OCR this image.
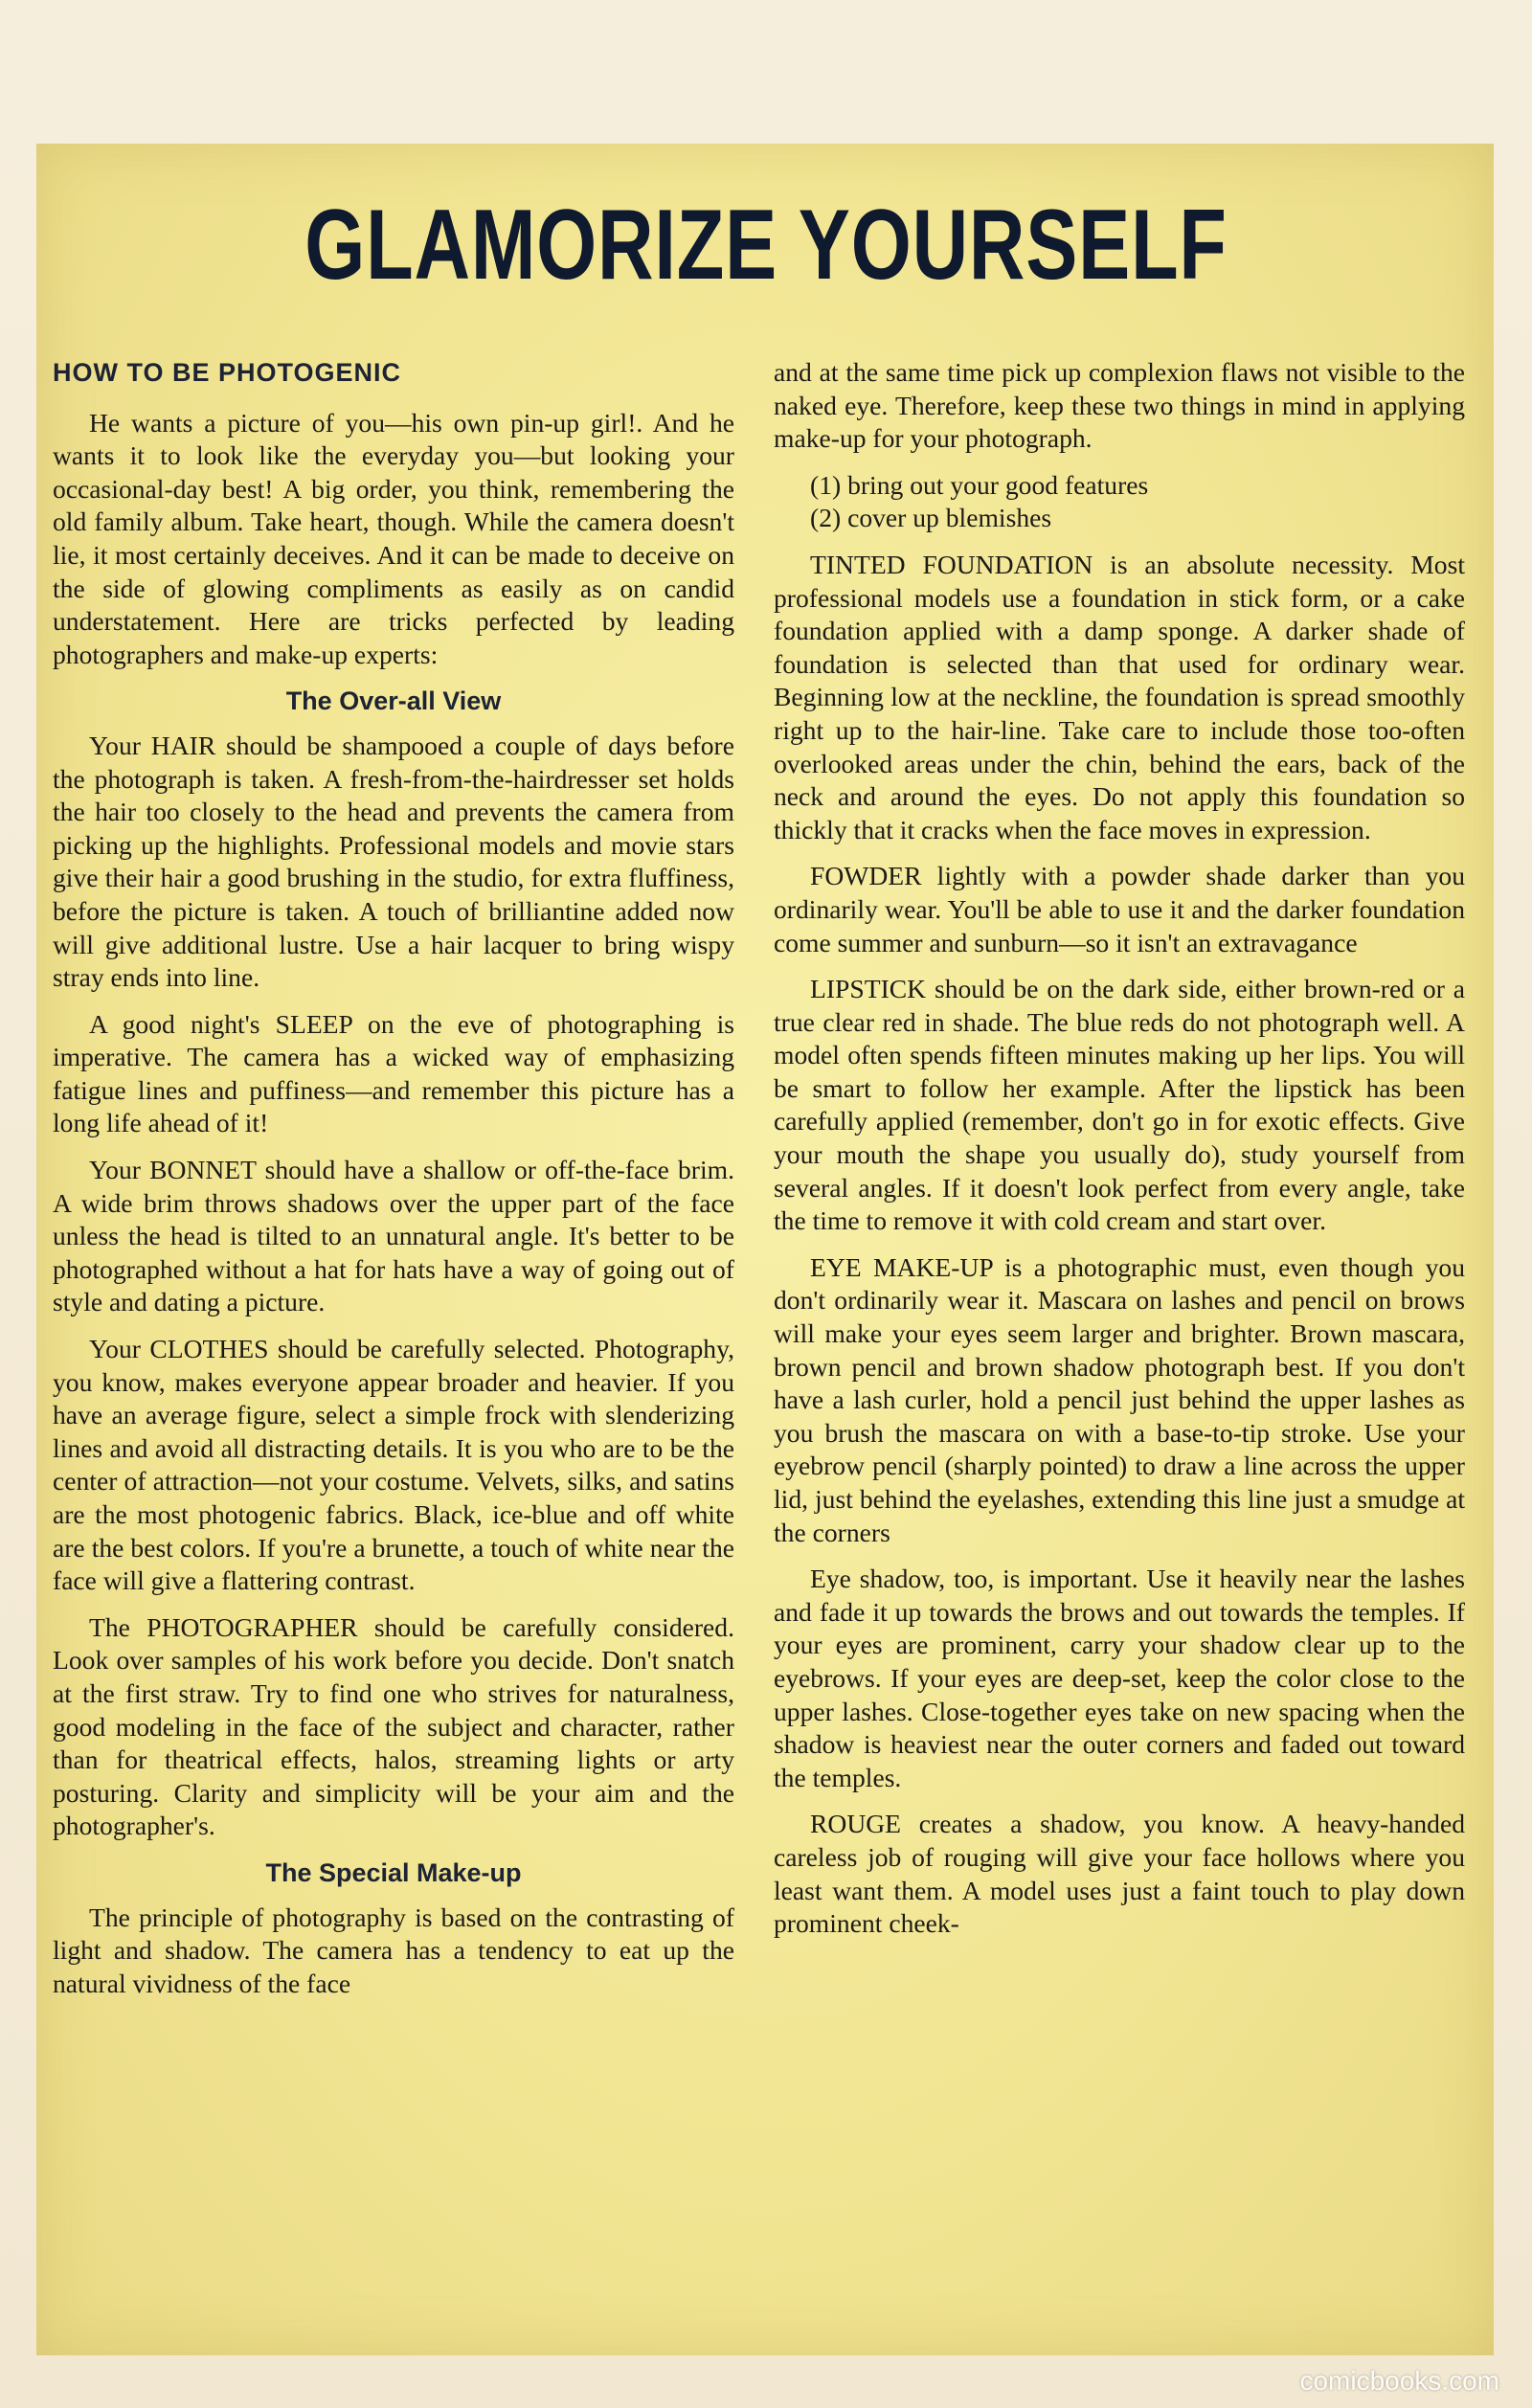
GLAMORIZE YOURSELF
HOW TO BE PHOTOGENIC

He wants a picture of you—his own pin-up girl!. And he wants it to look like the everyday you—but looking your occasional-day best! A big order, you think, remembering the old family album. Take heart, though. While the camera doesn't lie, it most certainly deceives. And it can be made to deceive on the side of glowing compliments as easily as on candid understatement. Here are tricks perfected by leading photographers and make-up experts:

The Over-all View

Your HAIR should be shampooed a couple of days before the photograph is taken. A fresh-from-the-hairdresser set holds the hair too closely to the head and prevents the camera from picking up the highlights. Professional models and movie stars give their hair a good brushing in the studio, for extra fluffiness, before the picture is taken. A touch of brilliantine added now will give additional lustre. Use a hair lacquer to bring wispy stray ends into line.

A good night's SLEEP on the eve of photographing is imperative. The camera has a wicked way of emphasizing fatigue lines and puffiness—and remember this picture has a long life ahead of it!

Your BONNET should have a shallow or off-the-face brim. A wide brim throws shadows over the upper part of the face unless the head is tilted to an unnatural angle. It's better to be photographed without a hat for hats have a way of going out of style and dating a picture.

Your CLOTHES should be carefully selected. Photography, you know, makes everyone appear broader and heavier. If you have an average figure, select a simple frock with slenderizing lines and avoid all distracting details. It is you who are to be the center of attraction—not your costume. Velvets, silks, and satins are the most photogenic fabrics. Black, ice-blue and off white are the best colors. If you're a brunette, a touch of white near the face will give a flattering contrast.

The PHOTOGRAPHER should be carefully considered. Look over samples of his work before you decide. Don't snatch at the first straw. Try to find one who strives for naturalness, good modeling in the face of the subject and character, rather than for theatrical effects, halos, streaming lights or arty posturing. Clarity and simplicity will be your aim and the photographer's.

The Special Make-up

The principle of photography is based on the contrasting of light and shadow. The camera has a tendency to eat up the natural vividness of the face

and at the same time pick up complexion flaws not visible to the naked eye. Therefore, keep these two things in mind in applying make-up for your photograph.

(1) bring out your good features
(2) cover up blemishes

TINTED FOUNDATION is an absolute necessity. Most professional models use a foundation in stick form, or a cake foundation applied with a damp sponge. A darker shade of foundation is selected than that used for ordinary wear. Beginning low at the neckline, the foundation is spread smoothly right up to the hair-line. Take care to include those too-often overlooked areas under the chin, behind the ears, back of the neck and around the eyes. Do not apply this foundation so thickly that it cracks when the face moves in expression.

FOWDER lightly with a powder shade darker than you ordinarily wear. You'll be able to use it and the darker foundation come summer and sunburn—so it isn't an extravagance

LIPSTICK should be on the dark side, either brown-red or a true clear red in shade. The blue reds do not photograph well. A model often spends fifteen minutes making up her lips. You will be smart to follow her example. After the lipstick has been carefully applied (remember, don't go in for exotic effects. Give your mouth the shape you usually do), study yourself from several angles. If it doesn't look perfect from every angle, take the time to remove it with cold cream and start over.

EYE MAKE-UP is a photographic must, even though you don't ordinarily wear it. Mascara on lashes and pencil on brows will make your eyes seem larger and brighter. Brown mascara, brown pencil and brown shadow photograph best. If you don't have a lash curler, hold a pencil just behind the upper lashes as you brush the mascara on with a base-to-tip stroke. Use your eyebrow pencil (sharply pointed) to draw a line across the upper lid, just behind the eyelashes, extending this line just a smudge at the corners

Eye shadow, too, is important. Use it heavily near the lashes and fade it up towards the brows and out towards the temples. If your eyes are prominent, carry your shadow clear up to the eyebrows. If your eyes are deep-set, keep the color close to the upper lashes. Close-together eyes take on new spacing when the shadow is heaviest near the outer corners and faded out toward the temples.

ROUGE creates a shadow, you know. A heavy-handed careless job of rouging will give your face hollows where you least want them. A model uses just a faint touch to play down prominent cheek-

comicbooks.com
